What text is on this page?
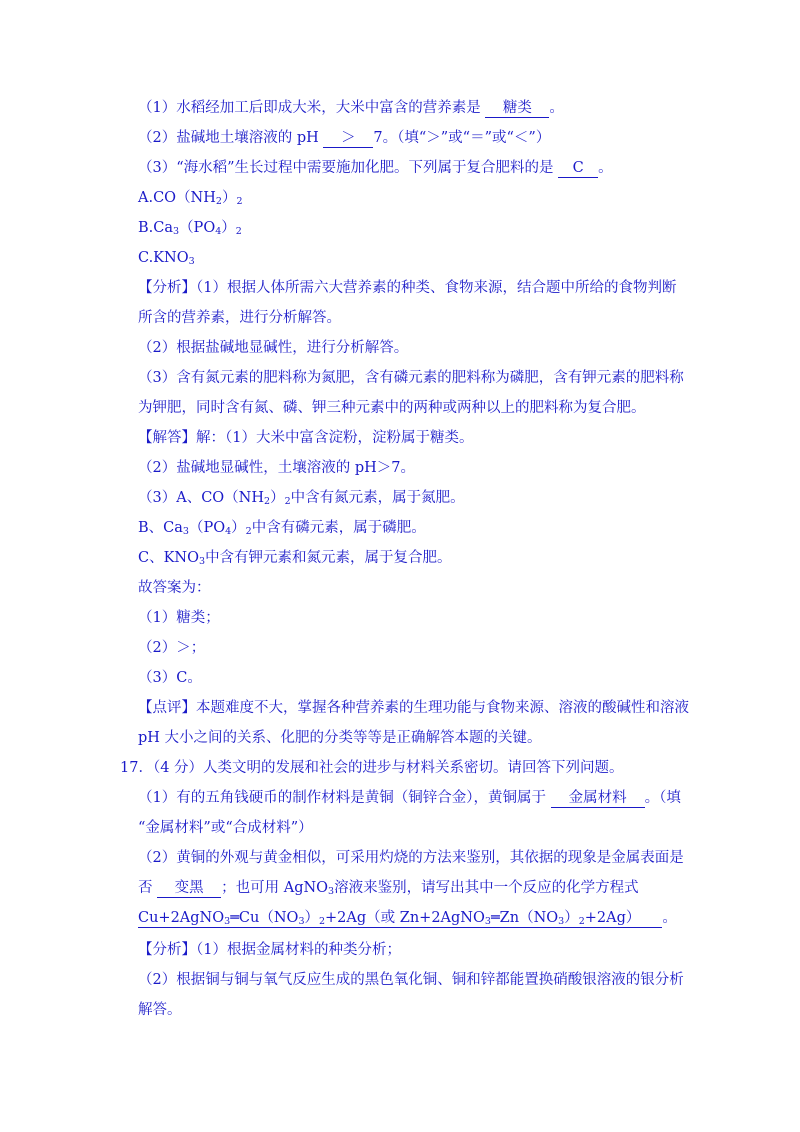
（1）水稻经加工后即成大米，大米中富含的营养素是 糖类 。
（2）盐碱地土壤溶液的 pH ＞ 7。（填“＞”或“＝”或“＜”）
（3）“海水稻”生长过程中需要施加化肥。下列属于复合肥料的是 C 。
$A.CO(NH_2)_2$
$B.Ca_3(PO_4)_2$
$C.KNO_3$
【分析】（1）根据人体所需六大营养素的种类、食物来源，结合题中所给的食物判断
所含的营养素，进行分析解答。
（2）根据盐碱地显碱性，进行分析解答。
（3）含有氮元素的肥料称为氮肥，含有磷元素的肥料称为磷肥，含有钾元素的肥料称
为钾肥，同时含有氮、磷、钾三种元素中的两种或两种以上的肥料称为复合肥。
【解答】解：（1）大米中富含淀粉，淀粉属于糖类。
（2）盐碱地显碱性，土壤溶液的 pH＞7。
（3）A、$CO(NH_2)_2$中含有氮元素，属于氮肥。
B、$Ca_3(PO_4)_2$中含有磷元素，属于磷肥。
C、$KNO_3$中含有钾元素和氮元素，属于复合肥。
故答案为：
（1）糖类；
（2）＞；
（3）C。
【点评】本题难度不大，掌握各种营养素的生理功能与食物来源、溶液的酸碱性和溶液
pH 大小之间的关系、化肥的分类等等是正确解答本题的关键。
17．（4 分）人类文明的发展和社会的进步与材料关系密切。请回答下列问题。
（1）有的五角钱硬币的制作材料是黄铜（铜锌合金），黄铜属于 金属材料 。（填
“金属材料”或“合成材料”）
（2）黄铜的外观与黄金相似，可采用灼烧的方法来鉴别，其依据的现象是金属表面是
否 变黑 ；也可用 AgNO$_3$溶液来鉴别，请写出其中一个反应的化学方程式
$Cu+2AgNO_3═Cu(NO_3)_2+2Ag$（或 $Zn+2AgNO_3═Zn(NO_3)_2+2Ag$） 。
【分析】（1）根据金属材料的种类分析；
（2）根据铜与铜与氧气反应生成的黑色氧化铜、铜和锌都能置换硝酸银溶液的银分析
解答。
